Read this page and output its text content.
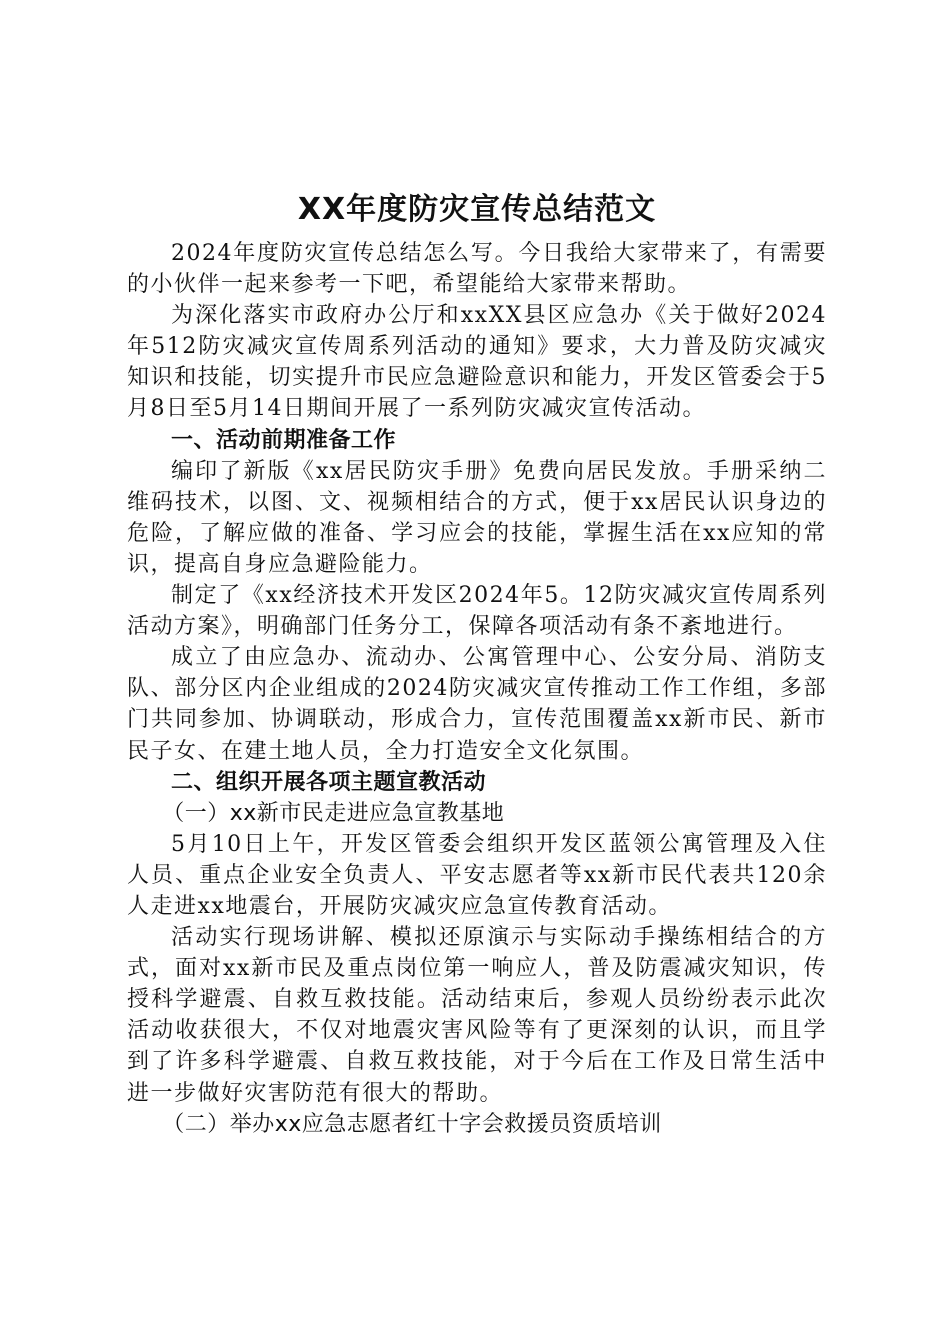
XX年度防灾宣传总结范文

2024年度防灾宣传总结怎么写。今日我给大家带来了，有需要的小伙伴一起来参考一下吧，希望能给大家带来帮助。

为深化落实市政府办公厅和xxXX县区应急办《关于做好2024年512防灾减灾宣传周系列活动的通知》要求，大力普及防灾减灾知识和技能，切实提升市民应急避险意识和能力，开发区管委会于5月8日至5月14日期间开展了一系列防灾减灾宣传活动。

一、活动前期准备工作

编印了新版《xx居民防灾手册》免费向居民发放。手册采纳二维码技术，以图、文、视频相结合的方式，便于xx居民认识身边的危险，了解应做的准备、学习应会的技能，掌握生活在xx应知的常识，提高自身应急避险能力。

制定了《xx经济技术开发区2024年5。12防灾减灾宣传周系列活动方案》，明确部门任务分工，保障各项活动有条不紊地进行。

成立了由应急办、流动办、公寓管理中心、公安分局、消防支队、部分区内企业组成的2024防灾减灾宣传推动工作工作组，多部门共同参加、协调联动，形成合力，宣传范围覆盖xx新市民、新市民子女、在建土地人员，全力打造安全文化氛围。

二、组织开展各项主题宣教活动

（一）xx新市民走进应急宣教基地

5月10日上午，开发区管委会组织开发区蓝领公寓管理及入住人员、重点企业安全负责人、平安志愿者等xx新市民代表共120余人走进xx地震台，开展防灾减灾应急宣传教育活动。

活动实行现场讲解、模拟还原演示与实际动手操练相结合的方式，面对xx新市民及重点岗位第一响应人，普及防震减灾知识，传授科学避震、自救互救技能。活动结束后，参观人员纷纷表示此次活动收获很大，不仅对地震灾害风险等有了更深刻的认识，而且学到了许多科学避震、自救互救技能，对于今后在工作及日常生活中进一步做好灾害防范有很大的帮助。

（二）举办xx应急志愿者红十字会救援员资质培训
